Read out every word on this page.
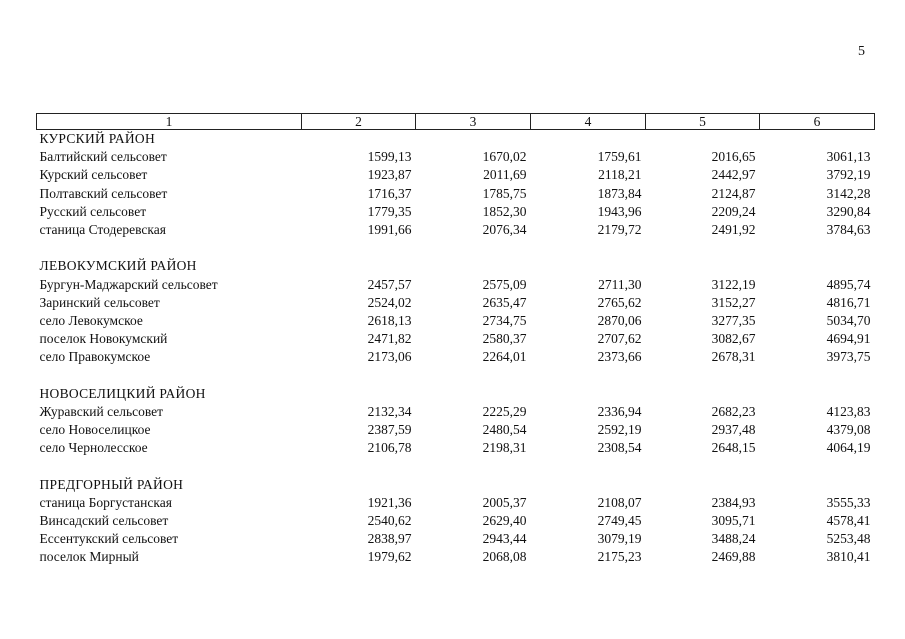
5
1	2	3	4	5	6
КУРСКИЙ РАЙОН					
Балтийский сельсовет	1599,13	1670,02	1759,61	2016,65	3061,13
Курский сельсовет	1923,87	2011,69	2118,21	2442,97	3792,19
Полтавский сельсовет	1716,37	1785,75	1873,84	2124,87	3142,28
Русский сельсовет	1779,35	1852,30	1943,96	2209,24	3290,84
станица Стодеревская	1991,66	2076,34	2179,72	2491,92	3784,63

ЛЕВОКУМСКИЙ РАЙОН					
Бургун-Маджарский сельсовет	2457,57	2575,09	2711,30	3122,19	4895,74
Заринский сельсовет	2524,02	2635,47	2765,62	3152,27	4816,71
село Левокумское	2618,13	2734,75	2870,06	3277,35	5034,70
поселок Новокумский	2471,82	2580,37	2707,62	3082,67	4694,91
село Правокумское	2173,06	2264,01	2373,66	2678,31	3973,75

НОВОСЕЛИЦКИЙ РАЙОН					
Журавский сельсовет	2132,34	2225,29	2336,94	2682,23	4123,83
село Новоселицкое	2387,59	2480,54	2592,19	2937,48	4379,08
село Чернолесское	2106,78	2198,31	2308,54	2648,15	4064,19

ПРЕДГОРНЫЙ РАЙОН					
станица Боргустанская	1921,36	2005,37	2108,07	2384,93	3555,33
Винсадский сельсовет	2540,62	2629,40	2749,45	3095,71	4578,41
Ессентукский сельсовет	2838,97	2943,44	3079,19	3488,24	5253,48
поселок Мирный	1979,62	2068,08	2175,23	2469,88	3810,41
